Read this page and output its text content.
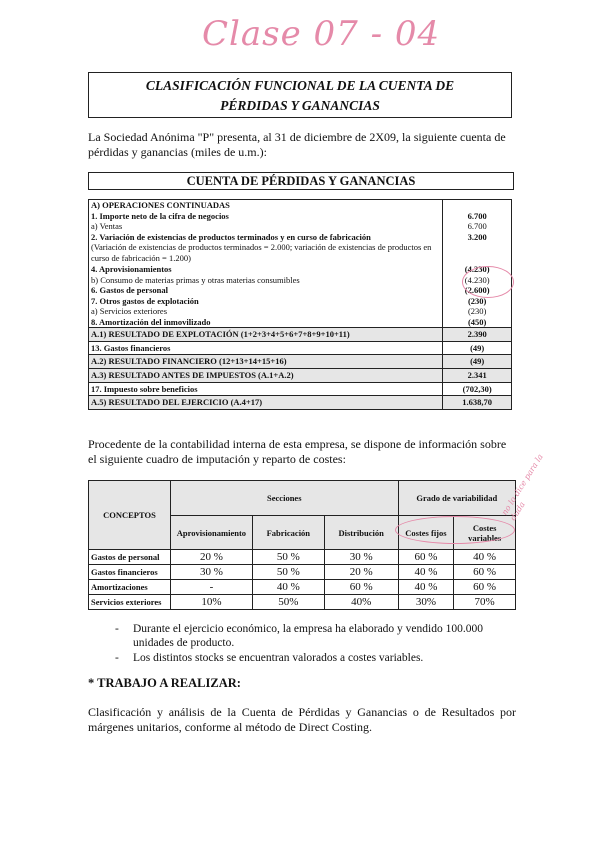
Clase 07 - 04
CLASIFICACIÓN FUNCIONAL DE LA CUENTA DE
PÉRDIDAS Y GANANCIAS
La Sociedad Anónima "P" presenta, al 31 de diciembre de 2X09, la siguiente cuenta de pérdidas y ganancias (miles de u.m.):
CUENTA DE PÉRDIDAS Y GANANCIAS
A) OPERACIONES CONTINUADAS	
1. Importe neto de la cifra de negocios	6.700
a) Ventas	6.700
2. Variación de existencias de productos terminados y en curso de fabricación	3.200
(Variación de existencias de productos terminados = 2.000; variación de existencias de productos en curso de fabricación = 1.200)	
4. Aprovisionamientos	(4.230)
b) Consumo de materias primas y otras materias consumibles	(4.230)
6. Gastos de personal	(2.600)
7. Otros gastos de explotación	(230)
a) Servicios exteriores	(230)
8. Amortización del inmovilizado	(450)
A.1) RESULTADO DE EXPLOTACIÓN (1+2+3+4+5+6+7+8+9+10+11)	2.390
13. Gastos financieros	(49)
A.2) RESULTADO FINANCIERO (12+13+14+15+16)	(49)
A.3) RESULTADO ANTES DE IMPUESTOS (A.1+A.2)	2.341
17. Impuesto sobre beneficios	(702,30)
A.5) RESULTADO DEL EJERCICIO (A.4+17)	1.638,70
Procedente de la contabilidad interna de esta empresa, se dispone de información sobre el siguiente cuadro de imputación y reparto de costes:
CONCEPTOS	Secciones			Grado de variabilidad	
	Aprovisionamiento	Fabricación	Distribución	Costes fijos	Costes variables
Gastos de personal	20 %	50 %	30 %	60 %	40 %
Gastos financieros	30 %	50 %	20 %	40 %	60 %
Amortizaciones	-	40 %	60 %	40 %	60 %
Servicios exteriores	10%	50%	40%	30%	70%
no lo dice para la duda
- Durante el ejercicio económico, la empresa ha elaborado y vendido 100.000 unidades de producto.
- Los distintos stocks se encuentran valorados a costes variables.
* TRABAJO A REALIZAR:
Clasificación y análisis de la Cuenta de Pérdidas y Ganancias o de Resultados por márgenes unitarios, conforme al método de Direct Costing.
